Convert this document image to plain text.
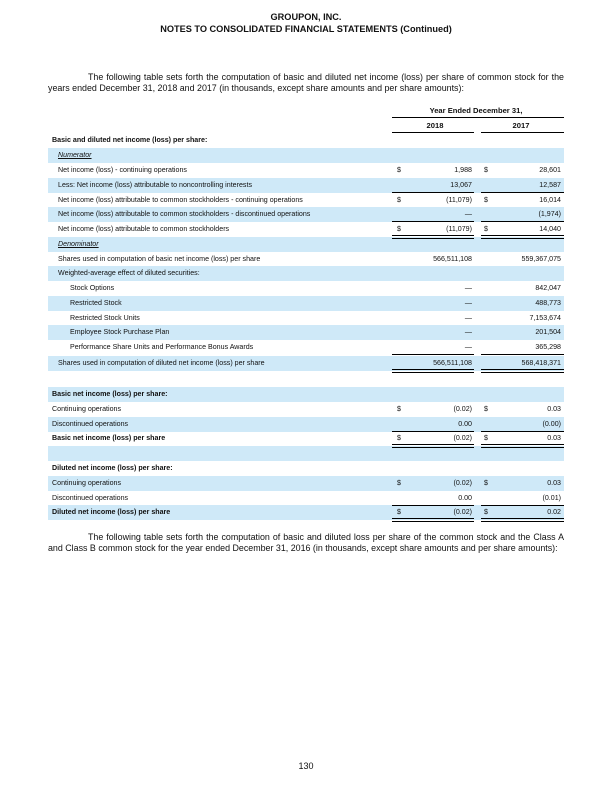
GROUPON, INC.
NOTES TO CONSOLIDATED FINANCIAL STATEMENTS (Continued)
The following table sets forth the computation of basic and diluted net income (loss) per share of common stock for the years ended December 31, 2018 and 2017 (in thousands, except share amounts and per share amounts):
Year Ended December 31,
2018	2017
Basic and diluted net income (loss) per share:
Numerator
Net income (loss) - continuing operations	$	1,988 $	28,601
Less: Net income (loss) attributable to noncontrolling interests	13,067	12,587
Net income (loss) attributable to common stockholders - continuing operations	$	(11,079) $	16,014
Net income (loss) attributable to common stockholders - discontinued operations	—	(1,974)
Net income (loss) attributable to common stockholders	$	(11,079) $	14,040
Denominator
Shares used in computation of basic net income (loss) per share	566,511,108	559,367,075
Weighted-average effect of diluted securities:
Stock Options	—	842,047
Restricted Stock	—	488,773
Restricted Stock Units	—	7,153,674
Employee Stock Purchase Plan	—	201,504
Performance Share Units and Performance Bonus Awards	—	365,298
Shares used in computation of diluted net income (loss) per share	566,511,108	568,418,371
Basic net income (loss) per share:
Continuing operations	$	(0.02) $	0.03
Discontinued operations	0.00	(0.00)
Basic net income (loss) per share	$	(0.02) $	0.03
Diluted net income (loss) per share:
Continuing operations	$	(0.02) $	0.03
Discontinued operations	0.00	(0.01)
Diluted net income (loss) per share	$	(0.02) $	0.02
The following table sets forth the computation of basic and diluted loss per share of the common stock and the Class A and Class B common stock for the year ended December 31, 2016 (in thousands, except share amounts and per share amounts):
130
